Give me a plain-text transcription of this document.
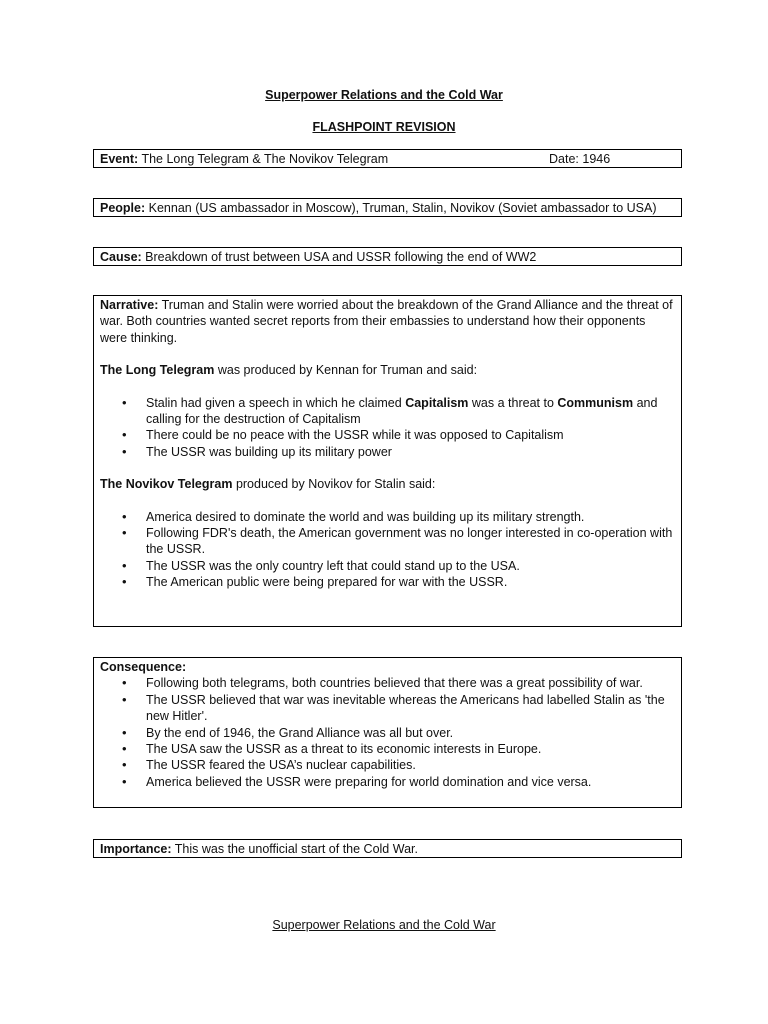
Superpower Relations and the Cold War
FLASHPOINT REVISION
Event: The Long Telegram & The Novikov Telegram	Date: 1946
People: Kennan (US ambassador in Moscow), Truman, Stalin, Novikov (Soviet ambassador to USA)
Cause: Breakdown of trust between USA and USSR following the end of WW2

Narrative: Truman and Stalin were worried about the breakdown of the Grand Alliance and the threat of war. Both countries wanted secret reports from their embassies to understand how their opponents were thinking.

The Long Telegram was produced by Kennan for Truman and said:

• Stalin had given a speech in which he claimed Capitalism was a threat to Communism and calling for the destruction of Capitalism
• There could be no peace with the USSR while it was opposed to Capitalism
• The USSR was building up its military power

The Novikov Telegram produced by Novikov for Stalin said:

• America desired to dominate the world and was building up its military strength.
• Following FDR's death, the American government was no longer interested in co-operation with the USSR.
• The USSR was the only country left that could stand up to the USA.
• The American public were being prepared for war with the USSR.

Consequence:

• Following both telegrams, both countries believed that there was a great possibility of war.
• The USSR believed that war was inevitable whereas the Americans had labelled Stalin as 'the new Hitler'.
• By the end of 1946, the Grand Alliance was all but over.
• The USA saw the USSR as a threat to its economic interests in Europe.
• The USSR feared the USA’s nuclear capabilities.
• America believed the USSR were preparing for world domination and vice versa.
Importance: This was the unofficial start of the Cold War.
Superpower Relations and the Cold War
